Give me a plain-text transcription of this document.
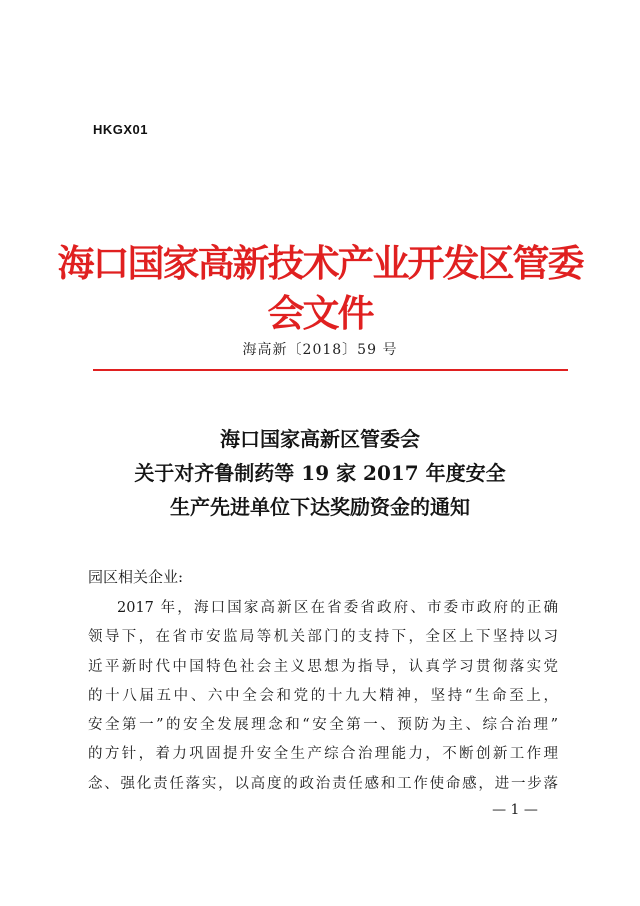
HKGX01
海口国家高新技术产业开发区管委会文件
海高新〔2018〕59 号
海口国家高新区管委会
关于对齐鲁制药等 19 家 2017 年度安全
生产先进单位下达奖励资金的通知
园区相关企业:
2017 年，海口国家高新区在省委省政府、市委市政府的正确
领导下，在省市安监局等机关部门的支持下，全区上下坚持以习
近平新时代中国特色社会主义思想为指导，认真学习贯彻落实党
的十八届五中、六中全会和党的十九大精神，坚持“生命至上，
安全第一”的安全发展理念和“安全第一、预防为主、综合治理”
的方针，着力巩固提升安全生产综合治理能力，不断创新工作理
念、强化责任落实，以高度的政治责任感和工作使命感，进一步落
— 1 —
